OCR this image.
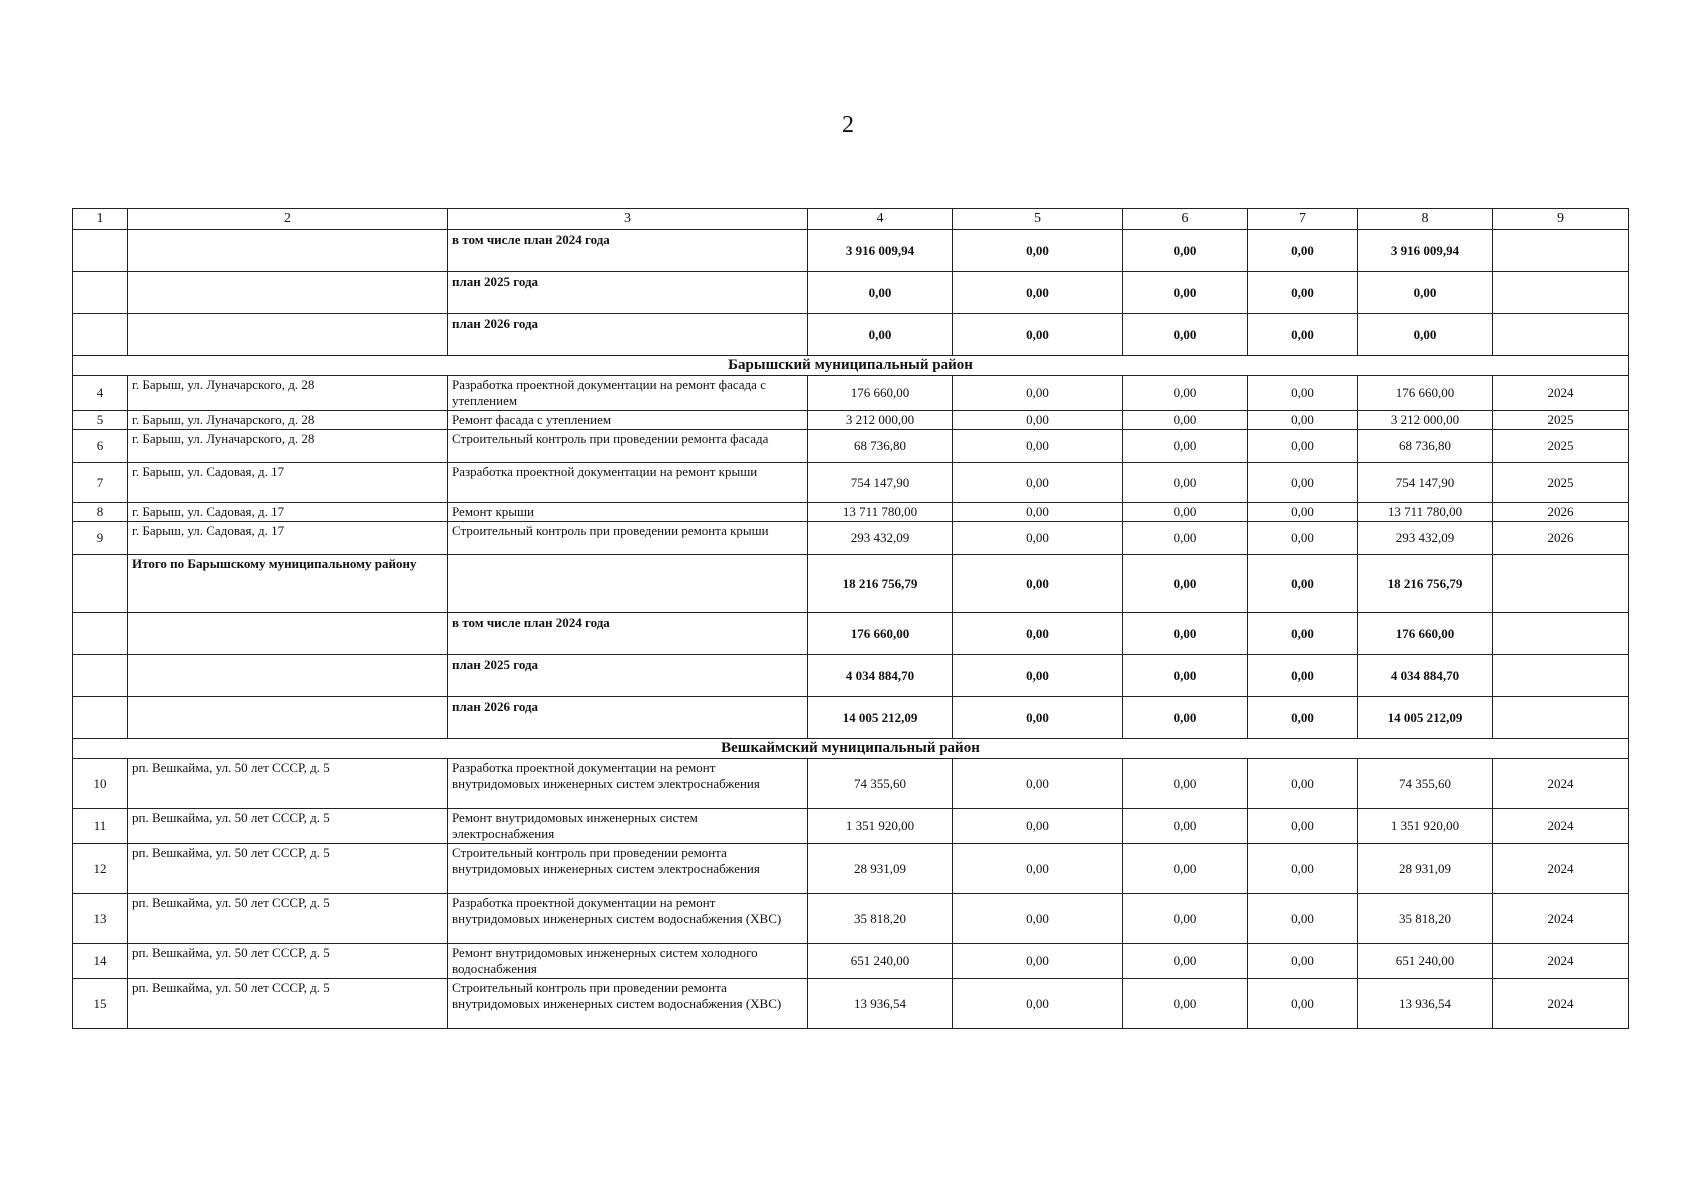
2
1	2	3	4	5	6	7	8	9
		в том числе план 2024 года	3 916 009,94	0,00	0,00	0,00	3 916 009,94	
		план 2025 года	0,00	0,00	0,00	0,00	0,00	
		план 2026 года	0,00	0,00	0,00	0,00	0,00	
Барышский муниципальный район								
4	г. Барыш, ул. Луначарского, д. 28	Разработка проектной документации на ремонт фасада с утеплением	176 660,00	0,00	0,00	0,00	176 660,00	2024
5	г. Барыш, ул. Луначарского, д. 28	Ремонт фасада с утеплением	3 212 000,00	0,00	0,00	0,00	3 212 000,00	2025
6	г. Барыш, ул. Луначарского, д. 28	Строительный контроль при проведении ремонта фасада	68 736,80	0,00	0,00	0,00	68 736,80	2025
7	г. Барыш, ул. Садовая, д. 17	Разработка проектной документации на ремонт крыши	754 147,90	0,00	0,00	0,00	754 147,90	2025
8	г. Барыш, ул. Садовая, д. 17	Ремонт крыши	13 711 780,00	0,00	0,00	0,00	13 711 780,00	2026
9	г. Барыш, ул. Садовая, д. 17	Строительный контроль при проведении ремонта крыши	293 432,09	0,00	0,00	0,00	293 432,09	2026
	Итого по Барышскому муниципальному району		18 216 756,79	0,00	0,00	0,00	18 216 756,79	
		в том числе план 2024 года	176 660,00	0,00	0,00	0,00	176 660,00	
		план 2025 года	4 034 884,70	0,00	0,00	0,00	4 034 884,70	
		план 2026 года	14 005 212,09	0,00	0,00	0,00	14 005 212,09	
Вешкаймский муниципальный район								
10	рп. Вешкайма, ул. 50 лет СССР, д. 5	Разработка проектной документации на ремонт внутридомовых инженерных систем электроснабжения	74 355,60	0,00	0,00	0,00	74 355,60	2024
11	рп. Вешкайма, ул. 50 лет СССР, д. 5	Ремонт внутридомовых инженерных систем электроснабжения	1 351 920,00	0,00	0,00	0,00	1 351 920,00	2024
12	рп. Вешкайма, ул. 50 лет СССР, д. 5	Строительный контроль при проведении ремонта внутридомовых инженерных систем электроснабжения	28 931,09	0,00	0,00	0,00	28 931,09	2024
13	рп. Вешкайма, ул. 50 лет СССР, д. 5	Разработка проектной документации на ремонт внутридомовых инженерных систем водоснабжения (ХВС)	35 818,20	0,00	0,00	0,00	35 818,20	2024
14	рп. Вешкайма, ул. 50 лет СССР, д. 5	Ремонт внутридомовых инженерных систем холодного водоснабжения	651 240,00	0,00	0,00	0,00	651 240,00	2024
15	рп. Вешкайма, ул. 50 лет СССР, д. 5	Строительный контроль при проведении ремонта внутридомовых инженерных систем водоснабжения (ХВС)	13 936,54	0,00	0,00	0,00	13 936,54	2024
